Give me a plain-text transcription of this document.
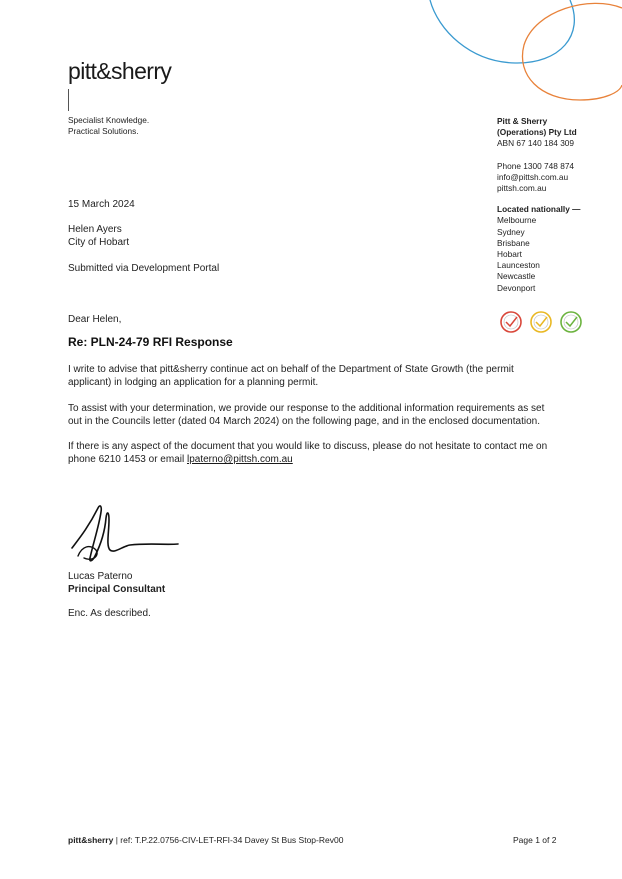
pitt&sherry
Specialist Knowledge.
Practical Solutions.
Pitt & Sherry
(Operations) Pty Ltd
ABN 67 140 184 309
Phone 1300 748 874
info@pittsh.com.au
pittsh.com.au
Located nationally —
Melbourne
Sydney
Brisbane
Hobart
Launceston
Newcastle
Devonport
15 March 2024
Helen Ayers
City of Hobart
Submitted via Development Portal
Dear Helen,
Re: PLN-24-79 RFI Response
I write to advise that pitt&sherry continue act on behalf of the Department of State Growth (the permit applicant) in lodging an application for a planning permit.
To assist with your determination, we provide our response to the additional information requirements as set out in the Councils letter (dated 04 March 2024) on the following page, and in the enclosed documentation.
If there is any aspect of the document that you would like to discuss, please do not hesitate to contact me on phone 6210 1453 or email lpaterno@pittsh.com.au
Lucas Paterno
Principal Consultant
Enc. As described.
pitt&sherry | ref: T.P.22.0756-CIV-LET-RFI-34 Davey St Bus Stop-Rev00	Page 1 of 2
